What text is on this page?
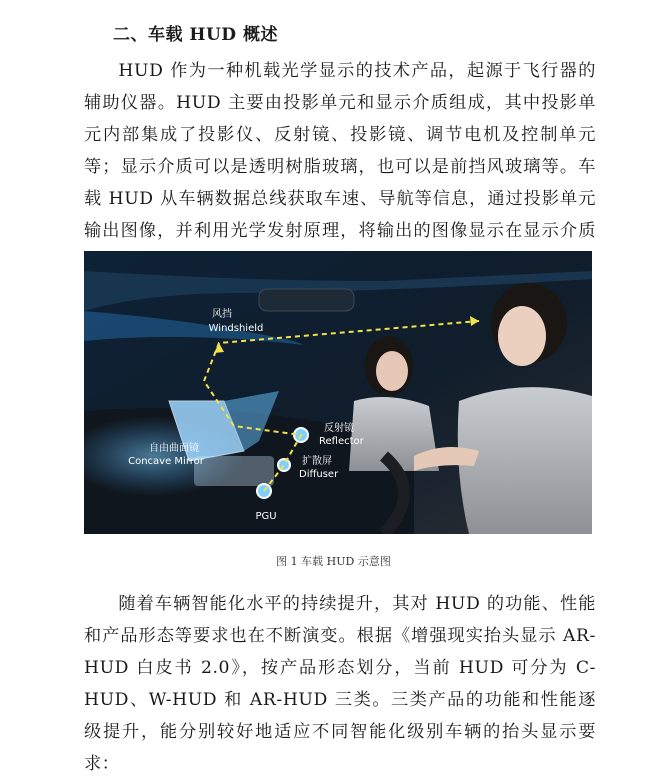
二、车载 HUD 概述
HUD 作为一种机载光学显示的技术产品，起源于飞行器的辅助仪器。HUD 主要由投影单元和显示介质组成，其中投影单元内部集成了投影仪、反射镜、投影镜、调节电机及控制单元等；显示介质可以是透明树脂玻璃，也可以是前挡风玻璃等。车载 HUD 从车辆数据总线获取车速、导航等信息，通过投影单元输出图像，并利用光学发射原理，将输出的图像显示在显示介质
风挡
Windshield
自由曲面镜
Concave Mirror
反射镜
Reflector
扩散屏
Diffuser
PGU
图 1 车载 HUD 示意图
随着车辆智能化水平的持续提升，其对 HUD 的功能、性能和产品形态等要求也在不断演变。根据《增强现实抬头显示 AR-HUD 白皮书 2.0》，按产品形态划分，当前 HUD 可分为 C-HUD、W-HUD 和 AR-HUD 三类。三类产品的功能和性能逐级提升，能分别较好地适应不同智能化级别车辆的抬头显示要求：
